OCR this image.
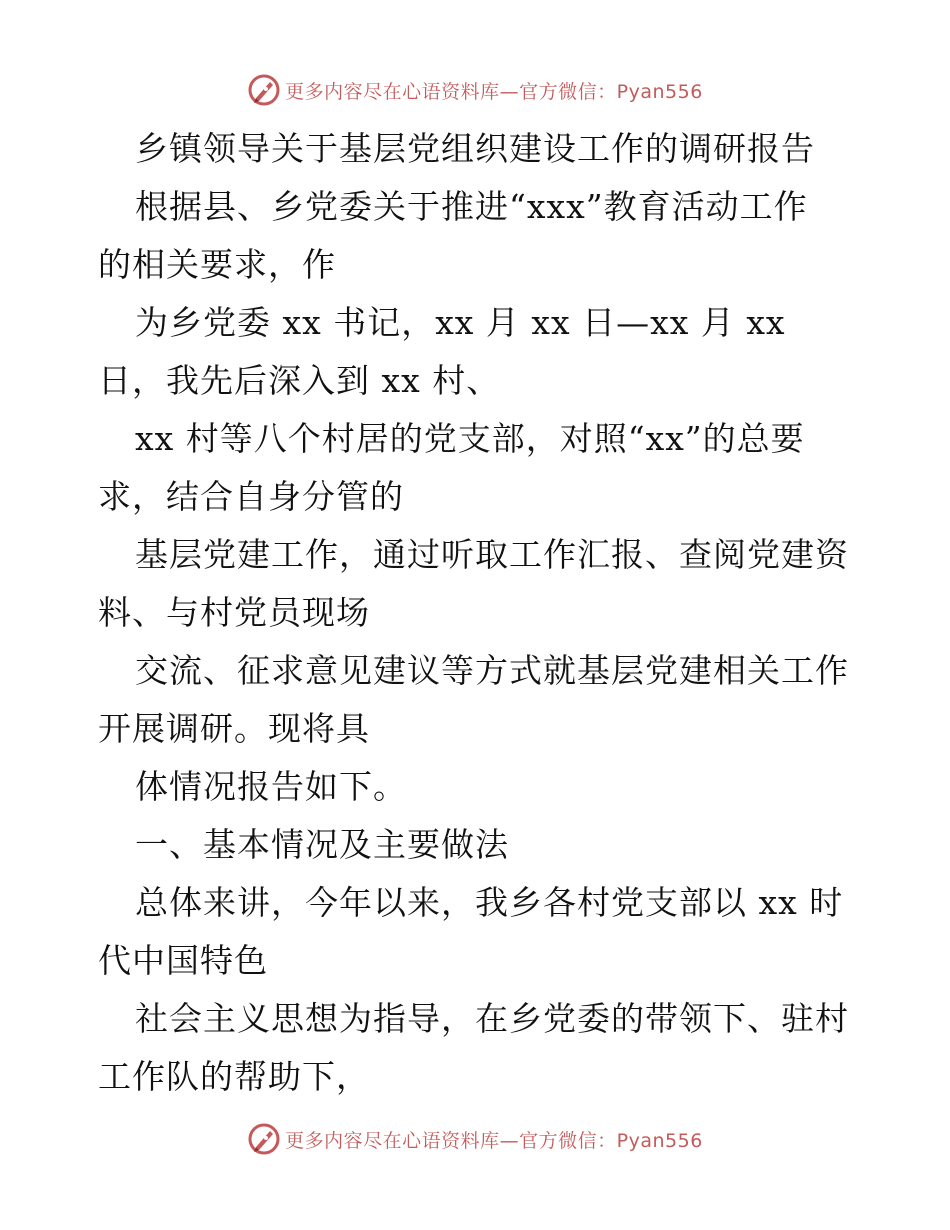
更多内容尽在心语资料库—官方微信：Pyan556
乡镇领导关于基层党组织建设工作的调研报告
根据县、乡党委关于推进“xxx”教育活动工作
的相关要求，作
为乡党委 xx 书记，xx 月 xx 日—xx 月 xx
日，我先后深入到 xx 村、
xx 村等八个村居的党支部，对照“xx”的总要
求，结合自身分管的
基层党建工作，通过听取工作汇报、查阅党建资
料、与村党员现场
交流、征求意见建议等方式就基层党建相关工作
开展调研。现将具
体情况报告如下。
一、基本情况及主要做法
总体来讲，今年以来，我乡各村党支部以 xx 时
代中国特色
社会主义思想为指导，在乡党委的带领下、驻村
工作队的帮助下，
更多内容尽在心语资料库—官方微信：Pyan556
